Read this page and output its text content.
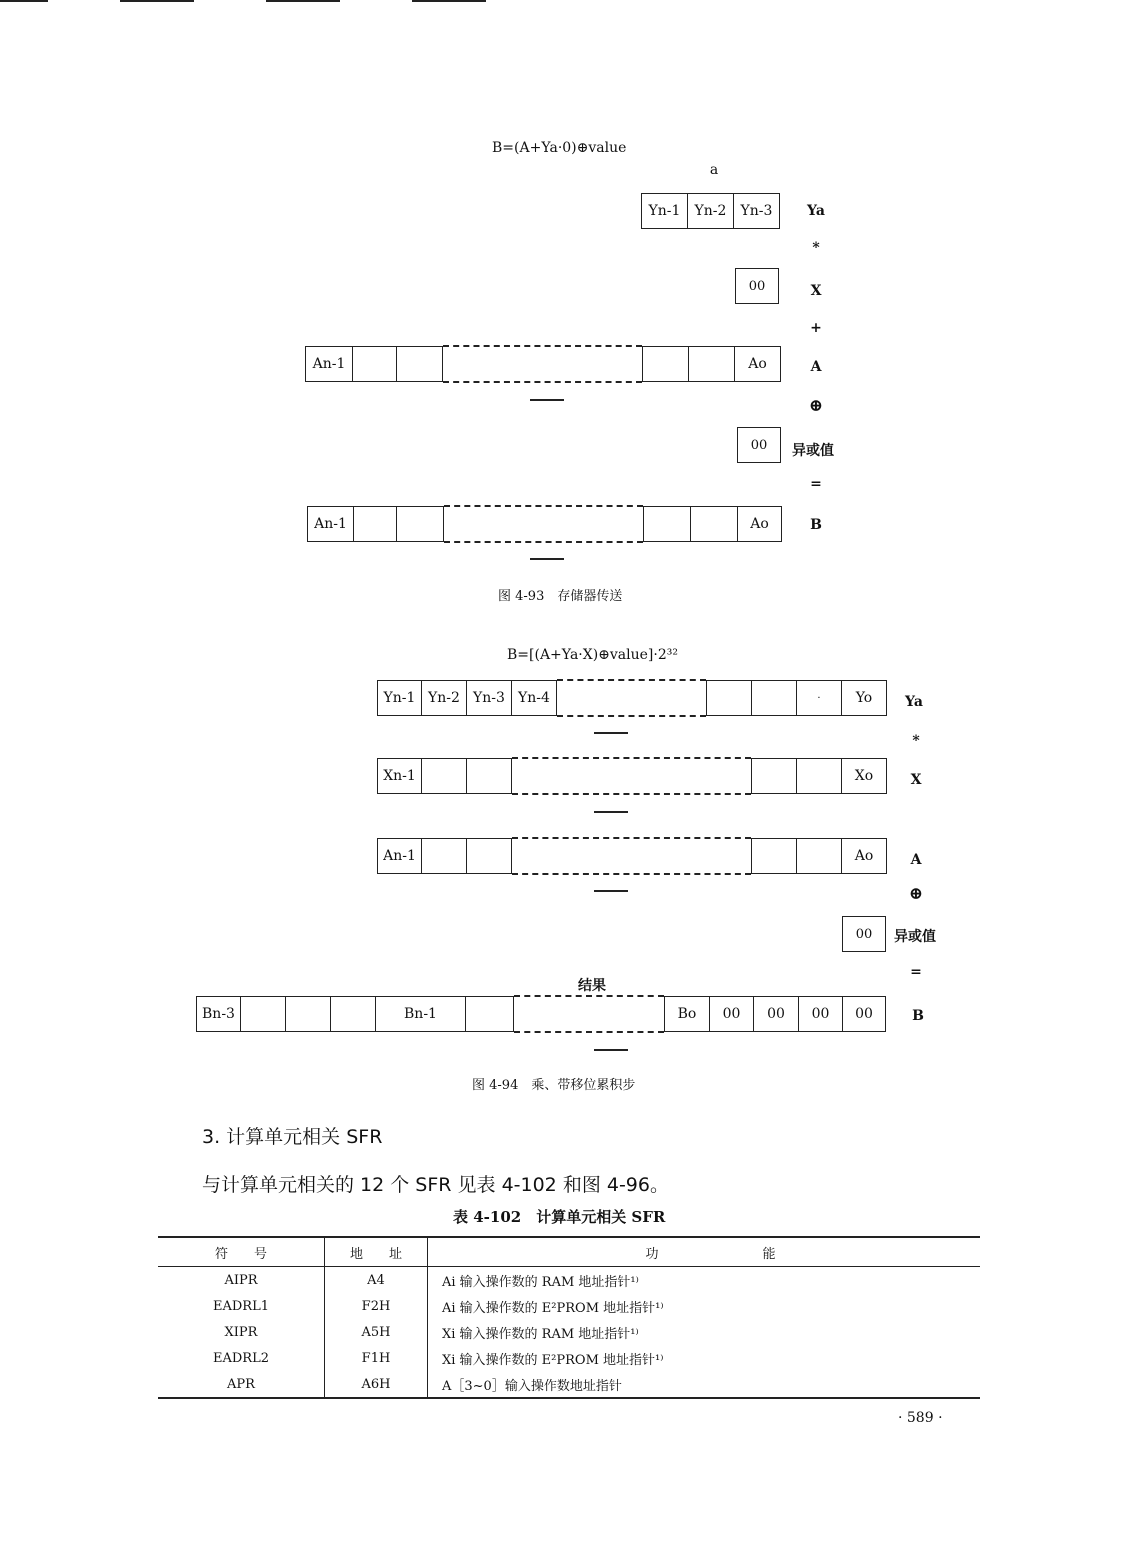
B=(A+Ya·0)⊕value
a
Yn-1	Yn-2	Yn-3	Ya
*
00	X
+
An-1	Ao	A
⊕
00	异或值
=
An-1	Ao	B
图 4-93　存储器传送
B=[(A+Ya·X)⊕value]·2³²
Yn-1 Yn-2 Yn-3 Yn-4	·	Yo	Ya
*
Xn-1	Xo	X
An-1	Ao	A
⊕
00	异或值
=
结果
Bn-3	Bn-1	Bo	00	00	00	00	B
图 4-94　乘、带移位累积步
3. 计算单元相关 SFR
与计算单元相关的 12 个 SFR 见表 4-102 和图 4-96。
表 4-102　计算单元相关 SFR
符　　号	地　　址	功　　　　　　　　能
AIPR	A4	Ai 输入操作数的 RAM 地址指针¹⁾
EADRL1	F2H	Ai 输入操作数的 E²PROM 地址指针¹⁾
XIPR	A5H	Xi 输入操作数的 RAM 地址指针¹⁾
EADRL2	F1H	Xi 输入操作数的 E²PROM 地址指针¹⁾
APR	A6H	A［3~0］输入操作数地址指针
· 589 ·
